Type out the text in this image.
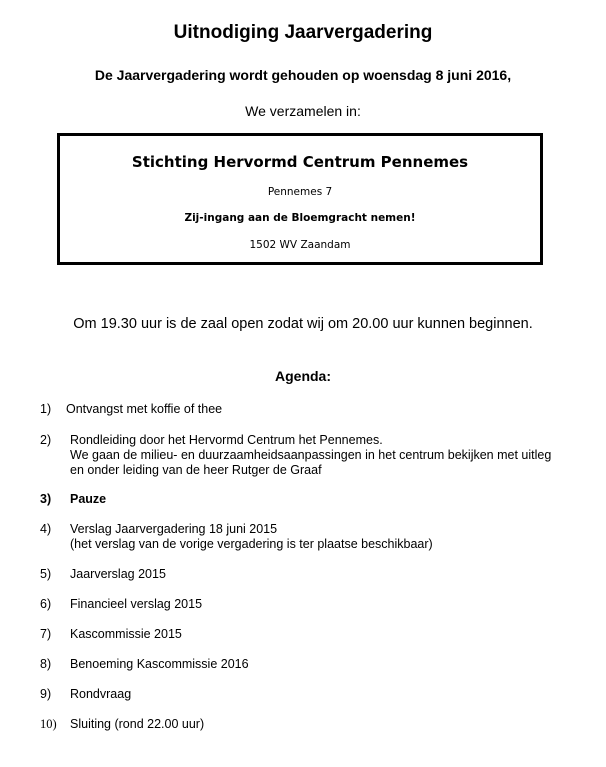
Uitnodiging Jaarvergadering
De Jaarvergadering wordt gehouden op woensdag 8 juni 2016,
We verzamelen in:
Stichting Hervormd Centrum Pennemes
Pennemes 7
Zij-ingang aan de Bloemgracht nemen!
1502 WV Zaandam
Om 19.30 uur is de zaal open zodat wij om 20.00 uur kunnen beginnen.
Agenda:
1)	Ontvangst met koffie of thee
2)	Rondleiding door het Hervormd Centrum het Pennemes.
We gaan de milieu- en duurzaamheidsaanpassingen in het centrum bekijken met uitleg
en onder leiding van de heer Rutger de Graaf
3)	Pauze
4)	Verslag Jaarvergadering 18 juni 2015
(het verslag van de vorige vergadering is ter plaatse beschikbaar)
5)	Jaarverslag 2015
6)	Financieel verslag 2015
7)	Kascommissie 2015
8)	Benoeming Kascommissie 2016
9)	Rondvraag
10)	Sluiting (rond 22.00 uur)
